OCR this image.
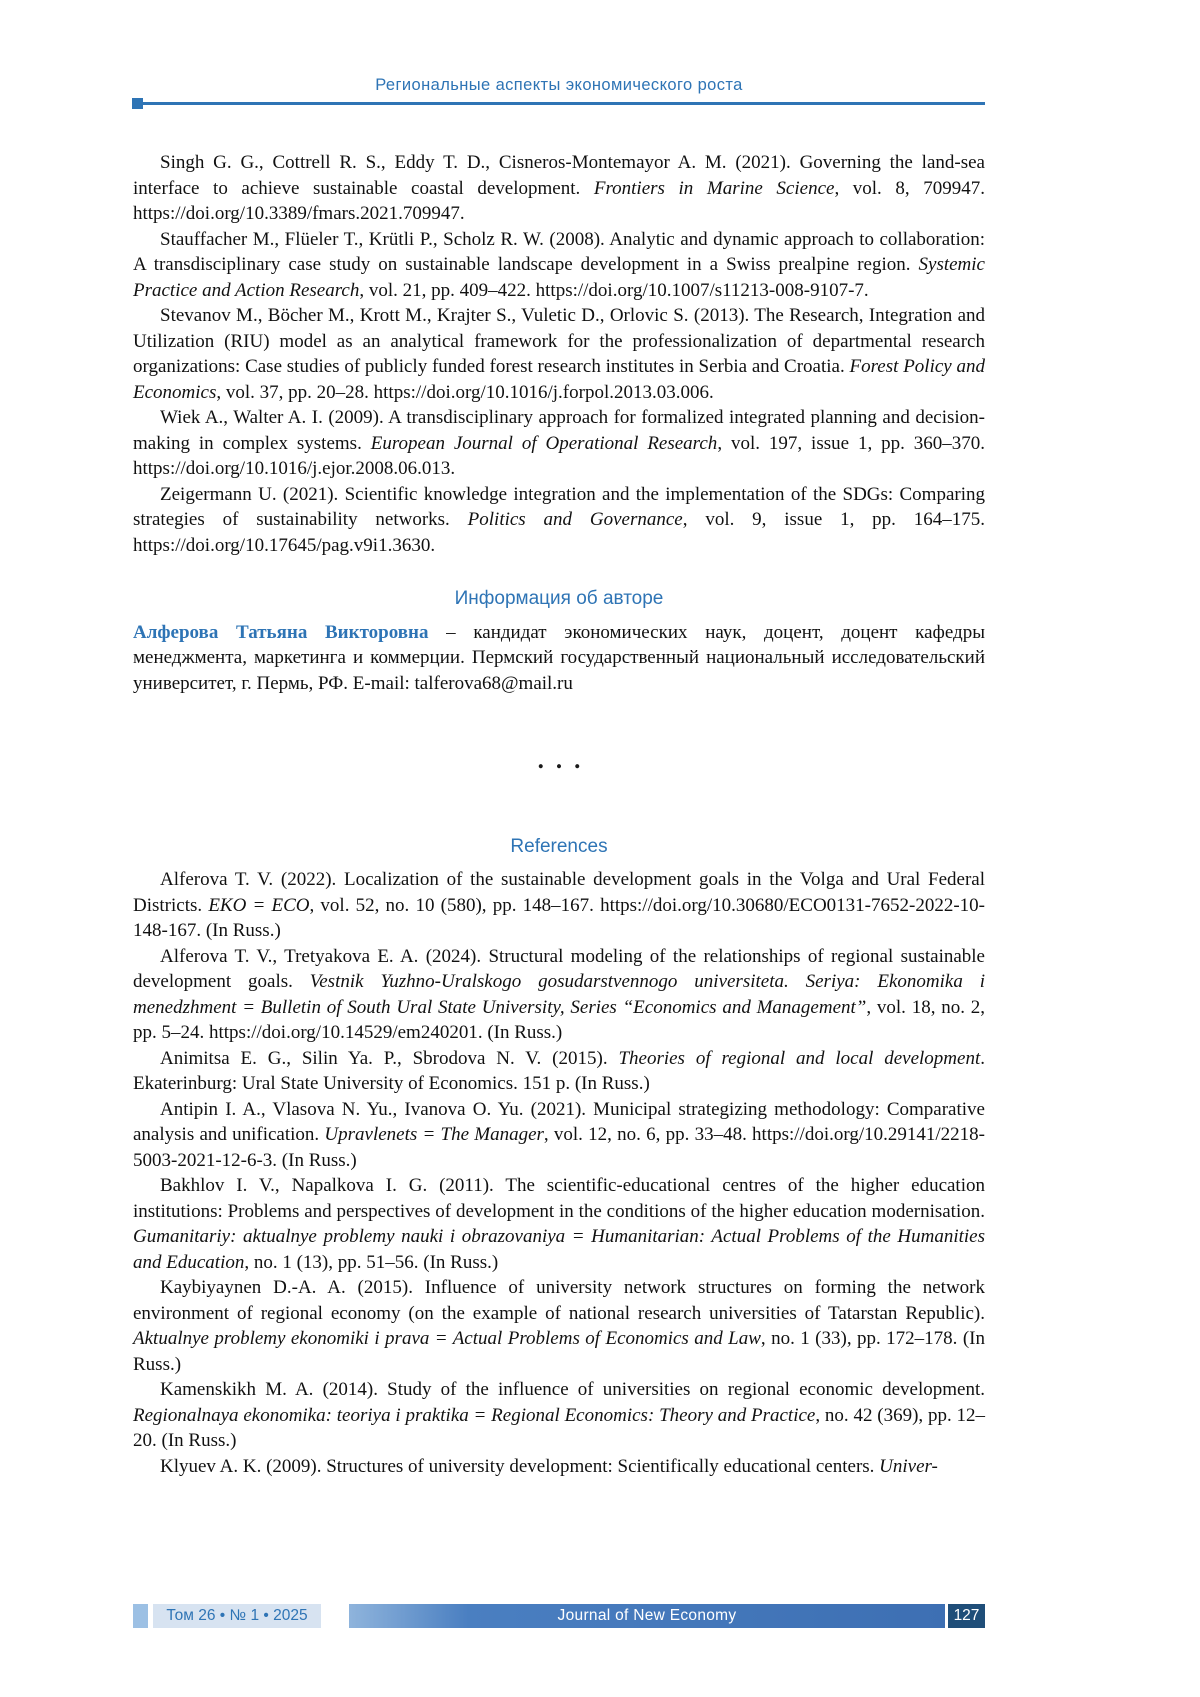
Региональные аспекты экономического роста

Singh G. G., Cottrell R. S., Eddy T. D., Cisneros-Montemayor A. M. (2021). Governing the land-sea interface to achieve sustainable coastal development. Frontiers in Marine Science, vol. 8, 709947. https://doi.org/10.3389/fmars.2021.709947.

Stauffacher M., Flüeler T., Krütli P., Scholz R. W. (2008). Analytic and dynamic approach to collaboration: A transdisciplinary case study on sustainable landscape development in a Swiss prealpine region. Systemic Practice and Action Research, vol. 21, pp. 409–422. https://doi.org/10.1007/s11213-008-9107-7.

Stevanov M., Böcher M., Krott M., Krajter S., Vuletic D., Orlovic S. (2013). The Research, Integration and Utilization (RIU) model as an analytical framework for the professionalization of departmental research organizations: Case studies of publicly funded forest research institutes in Serbia and Croatia. Forest Policy and Economics, vol. 37, pp. 20–28. https://doi.org/10.1016/j.forpol.2013.03.006.

Wiek A., Walter A. I. (2009). A transdisciplinary approach for formalized integrated planning and decision-making in complex systems. European Journal of Operational Research, vol. 197, issue 1, pp. 360–370. https://doi.org/10.1016/j.ejor.2008.06.013.

Zeigermann U. (2021). Scientific knowledge integration and the implementation of the SDGs: Comparing strategies of sustainability networks. Politics and Governance, vol. 9, issue 1, pp. 164–175. https://doi.org/10.17645/pag.v9i1.3630.

Информация об авторе

Алферова Татьяна Викторовна – кандидат экономических наук, доцент, доцент кафедры менеджмента, маркетинга и коммерции. Пермский государственный национальный исследовательский университет, г. Пермь, РФ. E-mail: talferova68@mail.ru

...
References

Alferova T. V. (2022). Localization of the sustainable development goals in the Volga and Ural Federal Districts. EKO = ECO, vol. 52, no. 10 (580), pp. 148–167. https://doi.org/10.30680/ECO0131-7652-2022-10-148-167. (In Russ.)

Alferova T. V., Tretyakova E. A. (2024). Structural modeling of the relationships of regional sustainable development goals. Vestnik Yuzhno-Uralskogo gosudarstvennogo universiteta. Seriya: Ekonomika i menedzhment = Bulletin of South Ural State University, Series “Economics and Management”, vol. 18, no. 2, pp. 5–24. https://doi.org/10.14529/em240201. (In Russ.)

Animitsa E. G., Silin Ya. P., Sbrodova N. V. (2015). Theories of regional and local development. Ekaterinburg: Ural State University of Economics. 151 p. (In Russ.)

Antipin I. A., Vlasova N. Yu., Ivanova O. Yu. (2021). Municipal strategizing methodology: Comparative analysis and unification. Upravlenets = The Manager, vol. 12, no. 6, pp. 33–48. https://doi.org/10.29141/2218-5003-2021-12-6-3. (In Russ.)

Bakhlov I. V., Napalkova I. G. (2011). The scientific-educational centres of the higher education institutions: Problems and perspectives of development in the conditions of the higher education modernisation. Gumanitariy: aktualnye problemy nauki i obrazovaniya = Humanitarian: Actual Problems of the Humanities and Education, no. 1 (13), pp. 51–56. (In Russ.)

Kaybiyaynen D.-A. A. (2015). Influence of university network structures on forming the network environment of regional economy (on the example of national research universities of Tatarstan Republic). Aktualnye problemy ekonomiki i prava = Actual Problems of Economics and Law, no. 1 (33), pp. 172–178. (In Russ.)

Kamenskikh M. A. (2014). Study of the influence of universities on regional economic development. Regionalnaya ekonomika: teoriya i praktika = Regional Economics: Theory and Practice, no. 42 (369), pp. 12–20. (In Russ.)

Klyuev A. K. (2009). Structures of university development: Scientifically educational centers. Univer-

Том 26 • № 1 • 2025	Journal of New Economy	127
